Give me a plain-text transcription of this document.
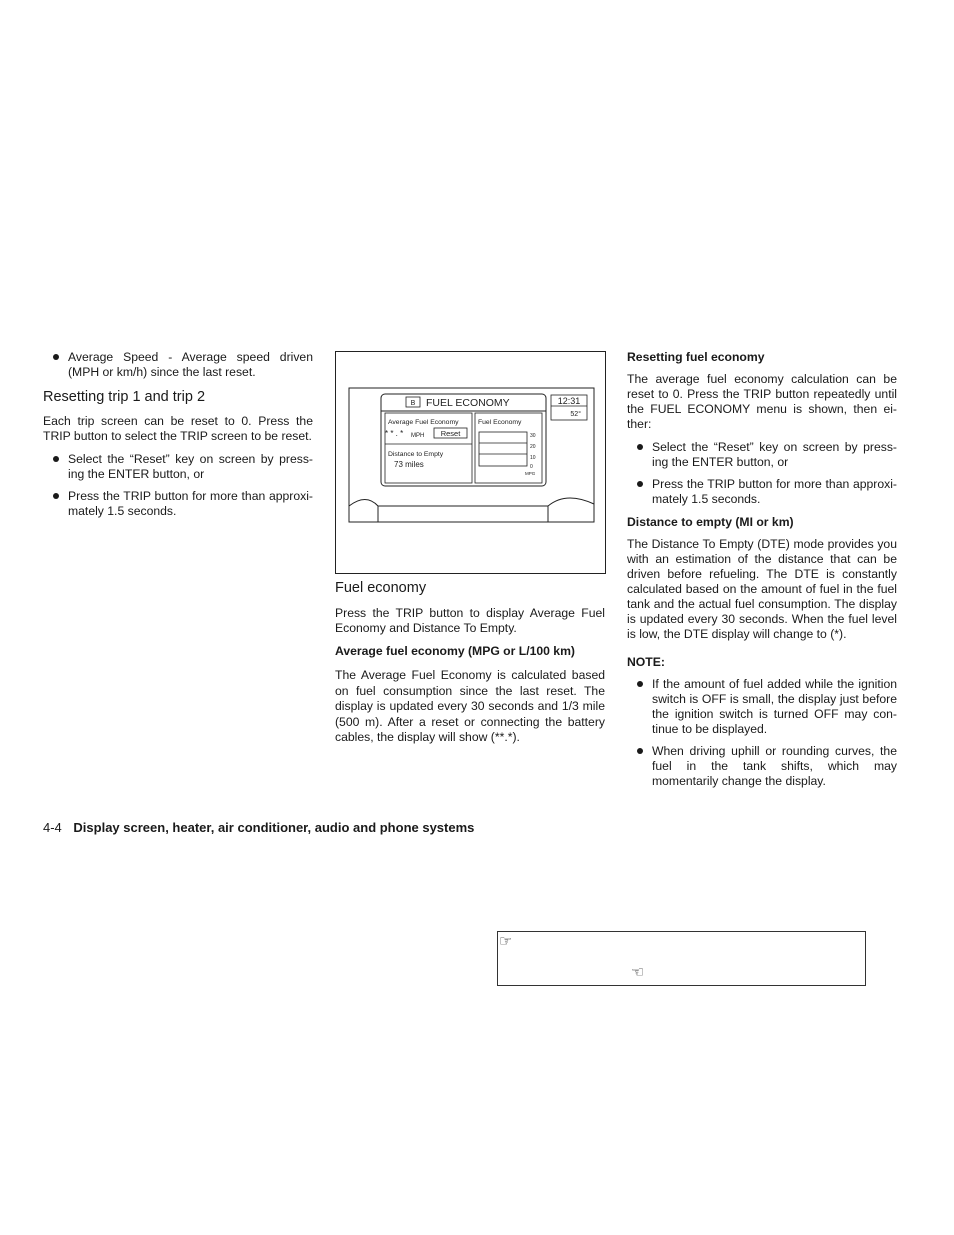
Average Speed - Average speed driven (MPH or km/h) since the last reset.
Resetting trip 1 and trip 2

Each trip screen can be reset to 0. Press the TRIP button to select the TRIP screen to be reset.

Select the “Reset” key on screen by press-ing the ENTER button, or
Press the TRIP button for more than approxi-mately 1.5 seconds.
B FUEL ECONOMY
Average Fuel Economy
* * . * MPH Reset
Distance to Empty
73 miles
Fuel Economy
30
20
10
0
MPG
12:31
52°
Fuel economy

Press the TRIP button to display Average Fuel Economy and Distance To Empty.

Average fuel economy (MPG or L/100 km)

The Average Fuel Economy is calculated based on fuel consumption since the last reset. The display is updated every 30 seconds and 1/3 mile (500 m). After a reset or connecting the battery cables, the display will show (**.*).

Resetting fuel economy

The average fuel economy calculation can be reset to 0. Press the TRIP button repeatedly until the FUEL ECONOMY menu is shown, then ei-ther:

Select the “Reset” key on screen by press-ing the ENTER button, or
Press the TRIP button for more than approxi-mately 1.5 seconds.
Distance to empty (MI or km)

The Distance To Empty (DTE) mode provides you with an estimation of the distance that can be driven before refueling. The DTE is constantly calculated based on the amount of fuel in the fuel tank and the actual fuel consumption. The display is updated every 30 seconds. When the fuel level is low, the DTE display will change to (*).

NOTE:
If the amount of fuel added while the ignition switch is OFF is small, the display just before the ignition switch is turned OFF may con-tinue to be displayed.
When driving uphill or rounding curves, the fuel in the tank shifts, which may momentarily change the display.
4-4 Display screen, heater, air conditioner, audio and phone systems
☞
☜
